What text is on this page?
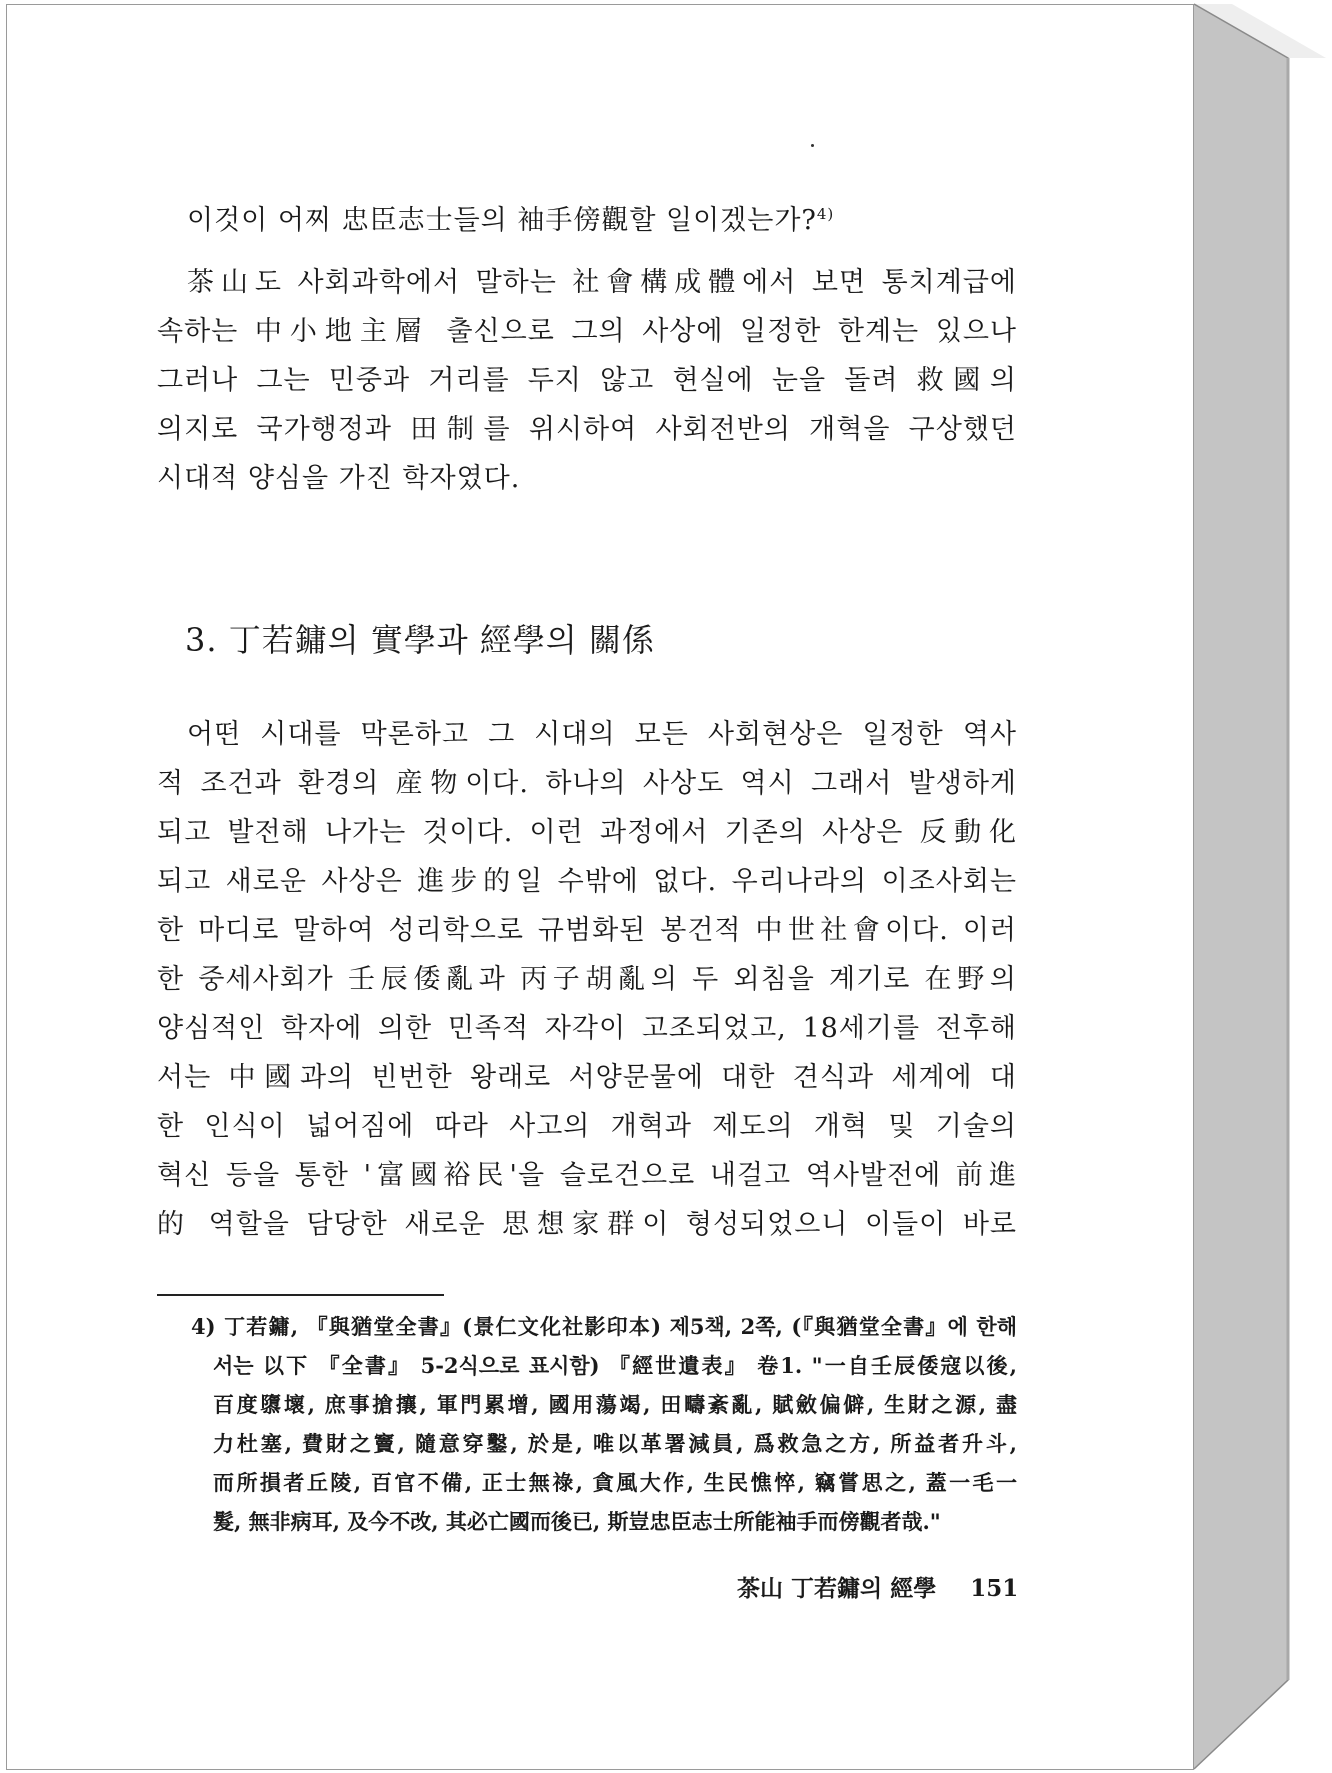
이것이 어찌 忠臣志士들의 袖手傍觀할 일이겠는가?$^{4)}$
茶山도 사회과학에서 말하는 社會構成體에서 보면 통치계급에
속하는 中小地主層 출신으로 그의 사상에 일정한 한계는 있으나
그러나 그는 민중과 거리를 두지 않고 현실에 눈을 돌려 救國의
의지로 국가행정과 田制를 위시하여 사회전반의 개혁을 구상했던
시대적 양심을 가진 학자였다.
3. 丁若鏞의 實學과 經學의 關係
어떤 시대를 막론하고 그 시대의 모든 사회현상은 일정한 역사
적 조건과 환경의 産物이다. 하나의 사상도 역시 그래서 발생하게
되고 발전해 나가는 것이다. 이런 과정에서 기존의 사상은 反動化
되고 새로운 사상은 進步的일 수밖에 없다. 우리나라의 이조사회는
한 마디로 말하여 성리학으로 규범화된 봉건적 中世社會이다. 이러
한 중세사회가 壬辰倭亂과 丙子胡亂의 두 외침을 계기로 在野의
양심적인 학자에 의한 민족적 자각이 고조되었고, 18세기를 전후해
서는 中國과의 빈번한 왕래로 서양문물에 대한 견식과 세계에 대
한 인식이 넓어짐에 따라 사고의 개혁과 제도의 개혁 및 기술의
혁신 등을 통한 '富國裕民'을 슬로건으로 내걸고 역사발전에 前進
的 역할을 담당한 새로운 思想家群이 형성되었으니 이들이 바로
4) 丁若鏞, 『與猶堂全書』(景仁文化社影印本) 제5책, 2쪽, (『與猶堂全書』에 한해
서는 以下 『全書』 5-2식으로 표시함) 『經世遺表』 卷1. "一自壬辰倭寇以後,
百度隳壞, 庶事搶攘, 軍門累增, 國用蕩竭, 田疇紊亂, 賦斂偏僻, 生財之源, 盡
力杜塞, 費財之竇, 隨意穿鑿, 於是, 唯以革署減員, 爲救急之方, 所益者升斗,
而所損者丘陵, 百官不備, 正士無祿, 貪風大作, 生民憔悴, 竊嘗思之, 蓋一毛一
髮, 無非病耳, 及今不改, 其必亡國而後已, 斯豈忠臣志士所能袖手而傍觀者哉."
茶山 丁若鏞의 經學 151
